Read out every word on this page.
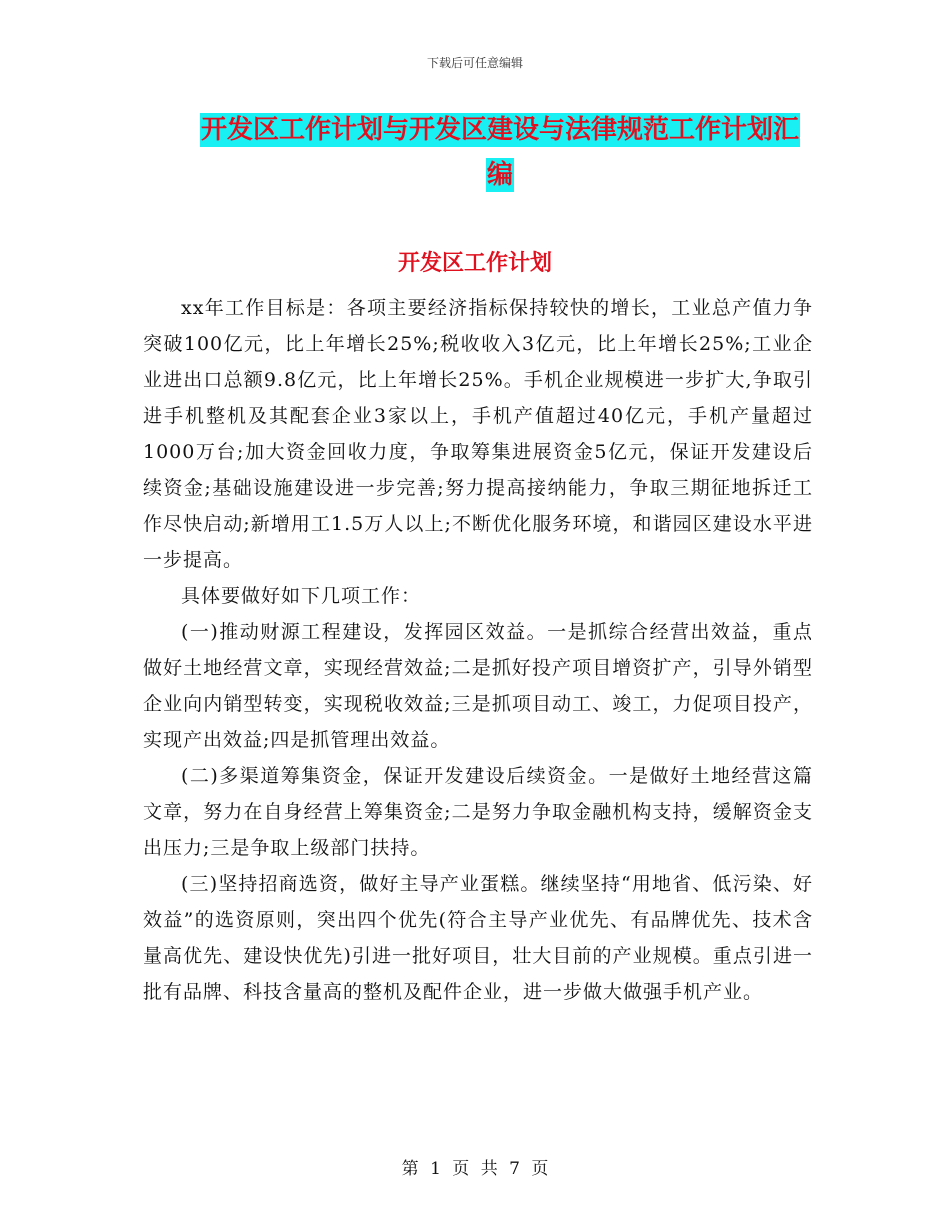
下载后可任意编辑
开发区工作计划与开发区建设与法律规范工作计划汇编
开发区工作计划

xx年工作目标是：各项主要经济指标保持较快的增长，工业总产值力争突破100亿元，比上年增长25%;税收收入3亿元，比上年增长25%;工业企业进出口总额9.8亿元，比上年增长25%。手机企业规模进一步扩大,争取引进手机整机及其配套企业3家以上，手机产值超过40亿元，手机产量超过1000万台;加大资金回收力度，争取筹集进展资金5亿元，保证开发建设后续资金;基础设施建设进一步完善;努力提高接纳能力，争取三期征地拆迁工作尽快启动;新增用工1.5万人以上;不断优化服务环境，和谐园区建设水平进一步提高。

具体要做好如下几项工作：

(一)推动财源工程建设，发挥园区效益。一是抓综合经营出效益，重点做好土地经营文章，实现经营效益;二是抓好投产项目增资扩产，引导外销型企业向内销型转变，实现税收效益;三是抓项目动工、竣工，力促项目投产，实现产出效益;四是抓管理出效益。

(二)多渠道筹集资金，保证开发建设后续资金。一是做好土地经营这篇文章，努力在自身经营上筹集资金;二是努力争取金融机构支持，缓解资金支出压力;三是争取上级部门扶持。

(三)坚持招商选资，做好主导产业蛋糕。继续坚持“用地省、低污染、好效益”的选资原则，突出四个优先(符合主导产业优先、有品牌优先、技术含量高优先、建设快优先)引进一批好项目，壮大目前的产业规模。重点引进一批有品牌、科技含量高的整机及配件企业，进一步做大做强手机产业。

第 1 页 共 7 页
